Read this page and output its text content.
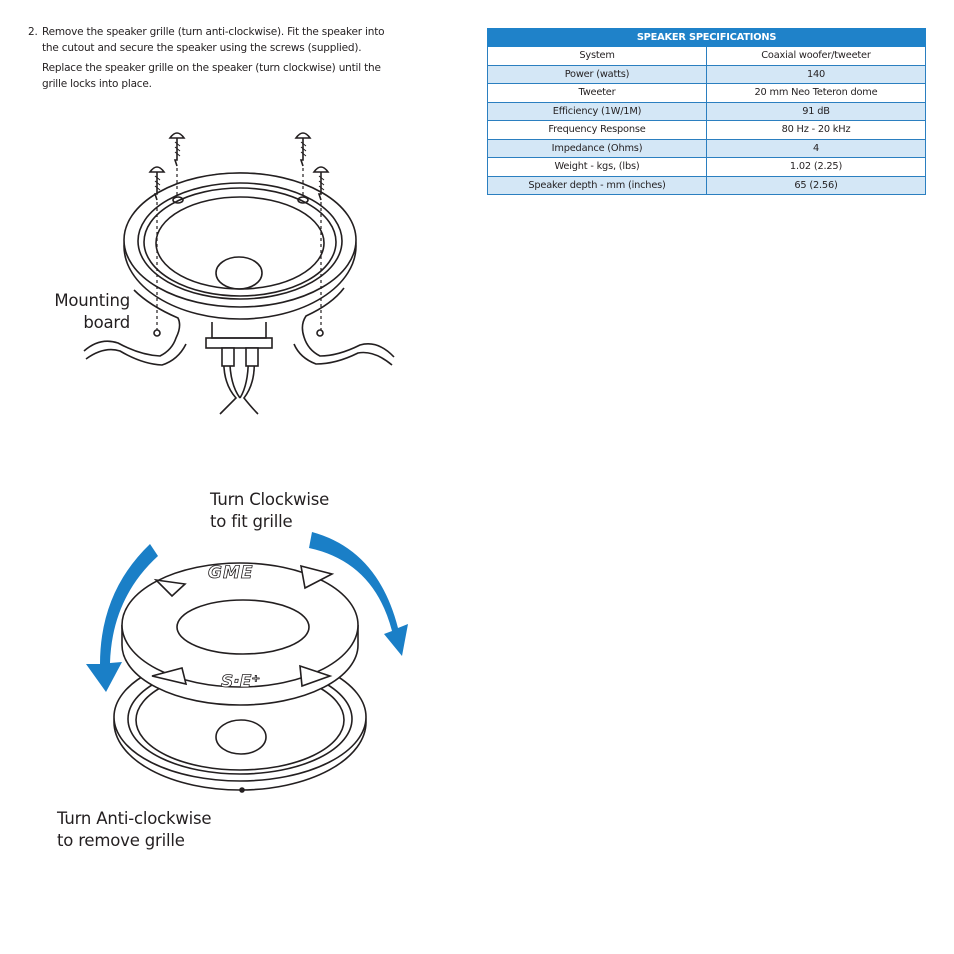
2. Remove the speaker grille (turn anti-clockwise). Fit the speaker into the cutout and secure the speaker using the screws (supplied).
Replace the speaker grille on the speaker (turn clockwise) until the grille locks into place.
SPEAKER SPECIFICATIONS	
System	Coaxial woofer/tweeter
Power (watts)	140
Tweeter	20 mm Neo Teteron dome
Efficiency (1W/1M)	91 dB
Frequency Response	80 Hz - 20 kHz
Impedance (Ohms)	4
Weight - kgs, (lbs)	1.02 (2.25)
Speaker depth - mm (inches)	65 (2.56)
Mounting board
Turn Clockwise to fit grille
Turn Anti-clockwise to remove grille
GME
S·E⁺
